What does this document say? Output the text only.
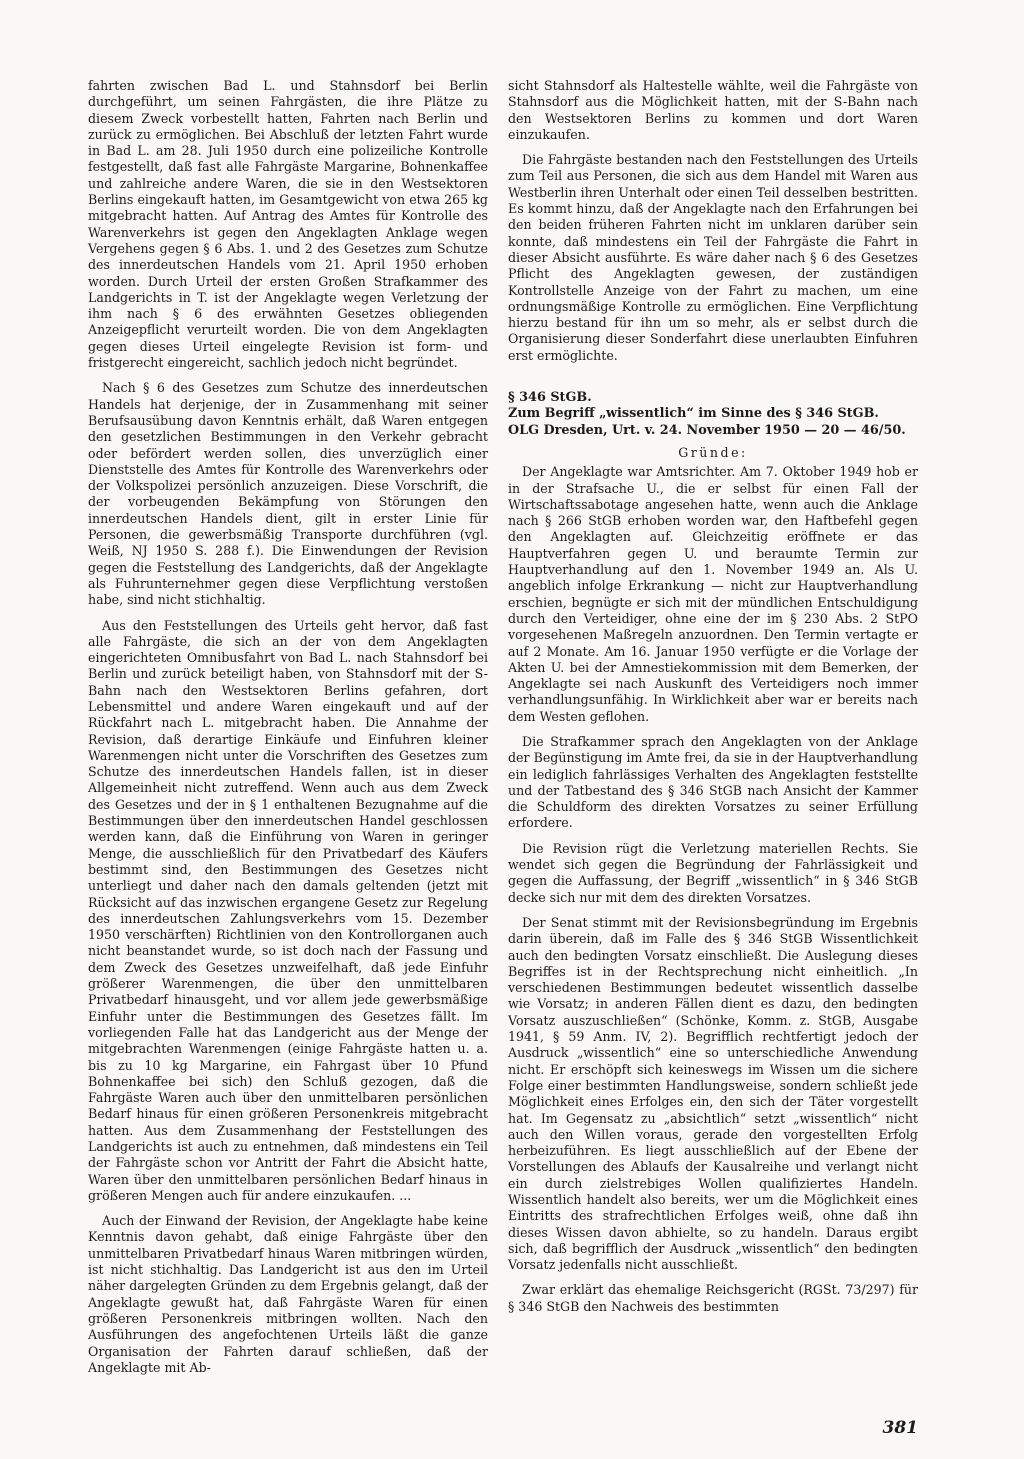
fahrten zwischen Bad L. und Stahnsdorf bei Berlin durchgeführt, um seinen Fahrgästen, die ihre Plätze zu diesem Zweck vorbestellt hatten, Fahrten nach Berlin und zurück zu ermöglichen. Bei Abschluß der letzten Fahrt wurde in Bad L. am 28. Juli 1950 durch eine polizeiliche Kontrolle festgestellt, daß fast alle Fahrgäste Margarine, Bohnenkaffee und zahlreiche andere Waren, die sie in den Westsektoren Berlins eingekauft hatten, im Gesamtgewicht von etwa 265 kg mitgebracht hatten. Auf Antrag des Amtes für Kontrolle des Warenverkehrs ist gegen den Angeklagten Anklage wegen Vergehens gegen § 6 Abs. 1. und 2 des Gesetzes zum Schutze des innerdeutschen Handels vom 21. April 1950 erhoben worden. Durch Urteil der ersten Großen Strafkammer des Landgerichts in T. ist der Angeklagte wegen Verletzung der ihm nach § 6 des erwähnten Gesetzes obliegenden Anzeigepflicht verurteilt worden. Die von dem Angeklagten gegen dieses Urteil eingelegte Revision ist form- und fristgerecht eingereicht, sachlich jedoch nicht begründet.

Nach § 6 des Gesetzes zum Schutze des innerdeutschen Handels hat derjenige, der in Zusammenhang mit seiner Berufsausübung davon Kenntnis erhält, daß Waren entgegen den gesetzlichen Bestimmungen in den Verkehr gebracht oder befördert werden sollen, dies unverzüglich einer Dienststelle des Amtes für Kontrolle des Warenverkehrs oder der Volkspolizei persönlich anzuzeigen. Diese Vorschrift, die der vorbeugenden Bekämpfung von Störungen den innerdeutschen Handels dient, gilt in erster Linie für Personen, die gewerbsmäßig Transporte durchführen (vgl. Weiß, NJ 1950 S. 288 f.). Die Einwendungen der Revision gegen die Feststellung des Landgerichts, daß der Angeklagte als Fuhrunternehmer gegen diese Verpflichtung verstoßen habe, sind nicht stichhaltig.

Aus den Feststellungen des Urteils geht hervor, daß fast alle Fahrgäste, die sich an der von dem Angeklagten eingerichteten Omnibusfahrt von Bad L. nach Stahnsdorf bei Berlin und zurück beteiligt haben, von Stahnsdorf mit der S-Bahn nach den Westsektoren Berlins gefahren, dort Lebensmittel und andere Waren eingekauft und auf der Rückfahrt nach L. mitgebracht haben. Die Annahme der Revision, daß derartige Einkäufe und Einfuhren kleiner Warenmengen nicht unter die Vorschriften des Gesetzes zum Schutze des innerdeutschen Handels fallen, ist in dieser Allgemeinheit nicht zutreffend. Wenn auch aus dem Zweck des Gesetzes und der in § 1 enthaltenen Bezugnahme auf die Bestimmungen über den innerdeutschen Handel geschlossen werden kann, daß die Einführung von Waren in geringer Menge, die ausschließlich für den Privatbedarf des Käufers bestimmt sind, den Bestimmungen des Gesetzes nicht unterliegt und daher nach den damals geltenden (jetzt mit Rücksicht auf das inzwischen ergangene Gesetz zur Regelung des innerdeutschen Zahlungsverkehrs vom 15. Dezember 1950 verschärften) Richtlinien von den Kontrollorganen auch nicht beanstandet wurde, so ist doch nach der Fassung und dem Zweck des Gesetzes unzweifelhaft, daß jede Einfuhr größerer Warenmengen, die über den unmittelbaren Privatbedarf hinausgeht, und vor allem jede gewerbsmäßige Einfuhr unter die Bestimmungen des Gesetzes fällt. Im vorliegenden Falle hat das Landgericht aus der Menge der mitgebrachten Warenmengen (einige Fahrgäste hatten u. a. bis zu 10 kg Margarine, ein Fahrgast über 10 Pfund Bohnenkaffee bei sich) den Schluß gezogen, daß die Fahrgäste Waren auch über den unmittelbaren persönlichen Bedarf hinaus für einen größeren Personenkreis mitgebracht hatten. Aus dem Zusammenhang der Feststellungen des Landgerichts ist auch zu entnehmen, daß mindestens ein Teil der Fahrgäste schon vor Antritt der Fahrt die Absicht hatte, Waren über den unmittelbaren persönlichen Bedarf hinaus in größeren Mengen auch für andere einzukaufen. ...

Auch der Einwand der Revision, der Angeklagte habe keine Kenntnis davon gehabt, daß einige Fahrgäste über den unmittelbaren Privatbedarf hinaus Waren mitbringen würden, ist nicht stichhaltig. Das Landgericht ist aus den im Urteil näher dargelegten Gründen zu dem Ergebnis gelangt, daß der Angeklagte gewußt hat, daß Fahrgäste Waren für einen größeren Personenkreis mitbringen wollten. Nach den Ausführungen des angefochtenen Urteils läßt die ganze Organisation der Fahrten darauf schließen, daß der Angeklagte mit Ab-

sicht Stahnsdorf als Haltestelle wählte, weil die Fahrgäste von Stahnsdorf aus die Möglichkeit hatten, mit der S-Bahn nach den Westsektoren Berlins zu kommen und dort Waren einzukaufen.

Die Fahrgäste bestanden nach den Feststellungen des Urteils zum Teil aus Personen, die sich aus dem Handel mit Waren aus Westberlin ihren Unterhalt oder einen Teil desselben bestritten. Es kommt hinzu, daß der Angeklagte nach den Erfahrungen bei den beiden früheren Fahrten nicht im unklaren darüber sein konnte, daß mindestens ein Teil der Fahrgäste die Fahrt in dieser Absicht ausführte. Es wäre daher nach § 6 des Gesetzes Pflicht des Angeklagten gewesen, der zuständigen Kontrollstelle Anzeige von der Fahrt zu machen, um eine ordnungsmäßige Kontrolle zu ermöglichen. Eine Verpflichtung hierzu bestand für ihn um so mehr, als er selbst durch die Organisierung dieser Sonderfahrt diese unerlaubten Einfuhren erst ermöglichte.

§ 346 StGB.

Zum Begriff „wissentlich“ im Sinne des § 346 StGB.

OLG Dresden, Urt. v. 24. November 1950 — 20 — 46/50.

Gründe:

Der Angeklagte war Amtsrichter. Am 7. Oktober 1949 hob er in der Strafsache U., die er selbst für einen Fall der Wirtschaftssabotage angesehen hatte, wenn auch die Anklage nach § 266 StGB erhoben worden war, den Haftbefehl gegen den Angeklagten auf. Gleichzeitig eröffnete er das Hauptverfahren gegen U. und beraumte Termin zur Hauptverhandlung auf den 1. November 1949 an. Als U. angeblich infolge Erkrankung — nicht zur Hauptverhandlung erschien, begnügte er sich mit der mündlichen Entschuldigung durch den Verteidiger, ohne eine der im § 230 Abs. 2 StPO vorgesehenen Maßregeln anzuordnen. Den Termin vertagte er auf 2 Monate. Am 16. Januar 1950 verfügte er die Vorlage der Akten U. bei der Amnestiekommission mit dem Bemerken, der Angeklagte sei nach Auskunft des Verteidigers noch immer verhandlungsunfähig. In Wirklichkeit aber war er bereits nach dem Westen geflohen.

Die Strafkammer sprach den Angeklagten von der Anklage der Begünstigung im Amte frei, da sie in der Hauptverhandlung ein lediglich fahrlässiges Verhalten des Angeklagten feststellte und der Tatbestand des § 346 StGB nach Ansicht der Kammer die Schuldform des direkten Vorsatzes zu seiner Erfüllung erfordere.

Die Revision rügt die Verletzung materiellen Rechts. Sie wendet sich gegen die Begründung der Fahrlässigkeit und gegen die Auffassung, der Begriff „wissentlich“ in § 346 StGB decke sich nur mit dem des direkten Vorsatzes.

Der Senat stimmt mit der Revisionsbegründung im Ergebnis darin überein, daß im Falle des § 346 StGB Wissentlichkeit auch den bedingten Vorsatz einschließt. Die Auslegung dieses Begriffes ist in der Rechtsprechung nicht einheitlich. „In verschiedenen Bestimmungen bedeutet wissentlich dasselbe wie Vorsatz; in anderen Fällen dient es dazu, den bedingten Vorsatz auszuschließen“ (Schönke, Komm. z. StGB, Ausgabe 1941, § 59 Anm. IV, 2). Begrifflich rechtfertigt jedoch der Ausdruck „wissentlich“ eine so unterschiedliche Anwendung nicht. Er erschöpft sich keineswegs im Wissen um die sichere Folge einer bestimmten Handlungsweise, sondern schließt jede Möglichkeit eines Erfolges ein, den sich der Täter vorgestellt hat. Im Gegensatz zu „absichtlich“ setzt „wissentlich“ nicht auch den Willen voraus, gerade den vorgestellten Erfolg herbeizuführen. Es liegt ausschließlich auf der Ebene der Vorstellungen des Ablaufs der Kausalreihe und verlangt nicht ein durch zielstrebiges Wollen qualifiziertes Handeln. Wissentlich handelt also bereits, wer um die Möglichkeit eines Eintritts des strafrechtlichen Erfolges weiß, ohne daß ihn dieses Wissen davon abhielte, so zu handeln. Daraus ergibt sich, daß begrifflich der Ausdruck „wissentlich“ den bedingten Vorsatz jedenfalls nicht ausschließt.

Zwar erklärt das ehemalige Reichsgericht (RGSt. 73/297) für § 346 StGB den Nachweis des bestimmten

381
